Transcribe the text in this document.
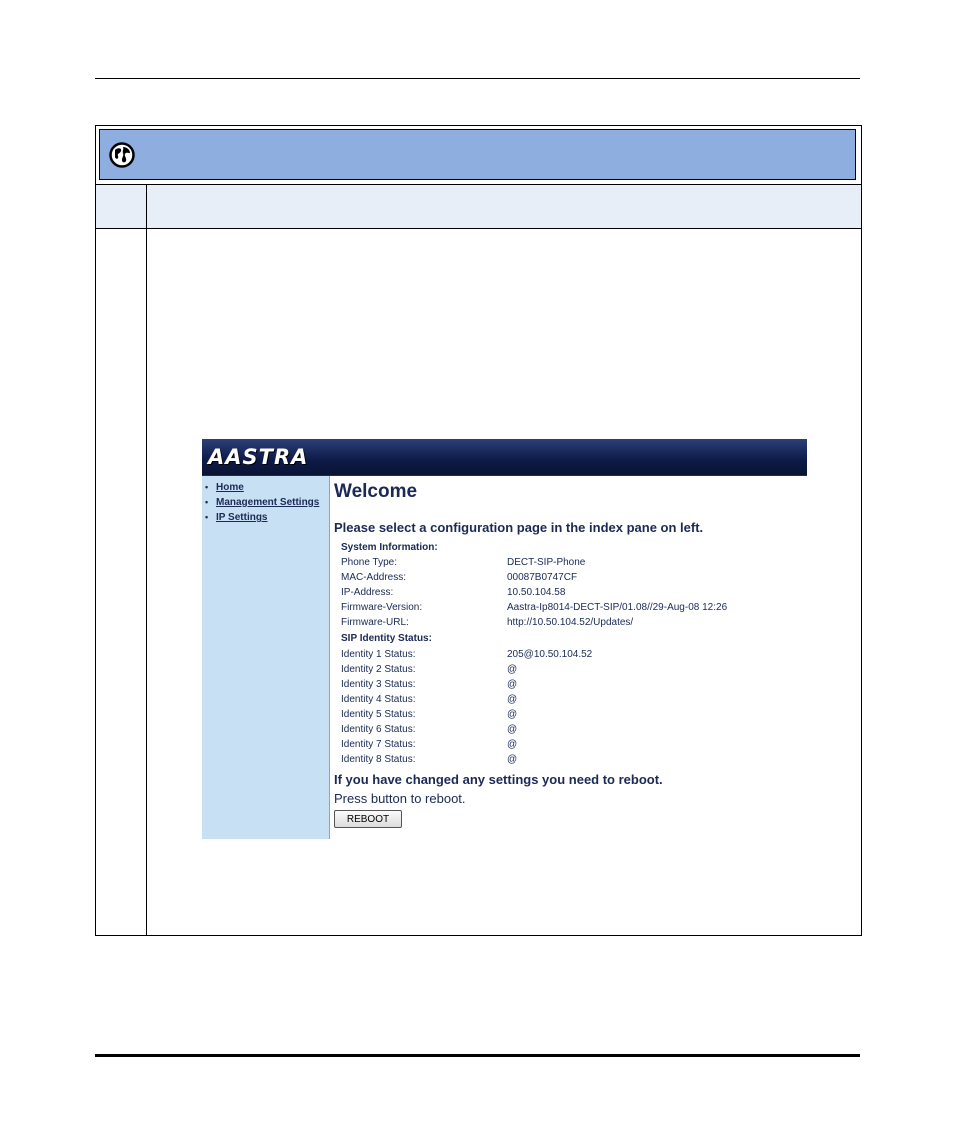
AASTRA
• Home
• Management Settings
• IP Settings
Welcome
Please select a configuration page in the index pane on left.
System Information:
Phone Type:	DECT-SIP-Phone
MAC-Address:	00087B0747CF
IP-Address:	10.50.104.58
Firmware-Version:	Aastra-Ip8014-DECT-SIP/01.08//29-Aug-08 12:26
Firmware-URL:	http://10.50.104.52/Updates/
SIP Identity Status:
Identity 1 Status:	205@10.50.104.52
Identity 2 Status:	@
Identity 3 Status:	@
Identity 4 Status:	@
Identity 5 Status:	@
Identity 6 Status:	@
Identity 7 Status:	@
Identity 8 Status:	@
If you have changed any settings you need to reboot.
Press button to reboot.
REBOOT
